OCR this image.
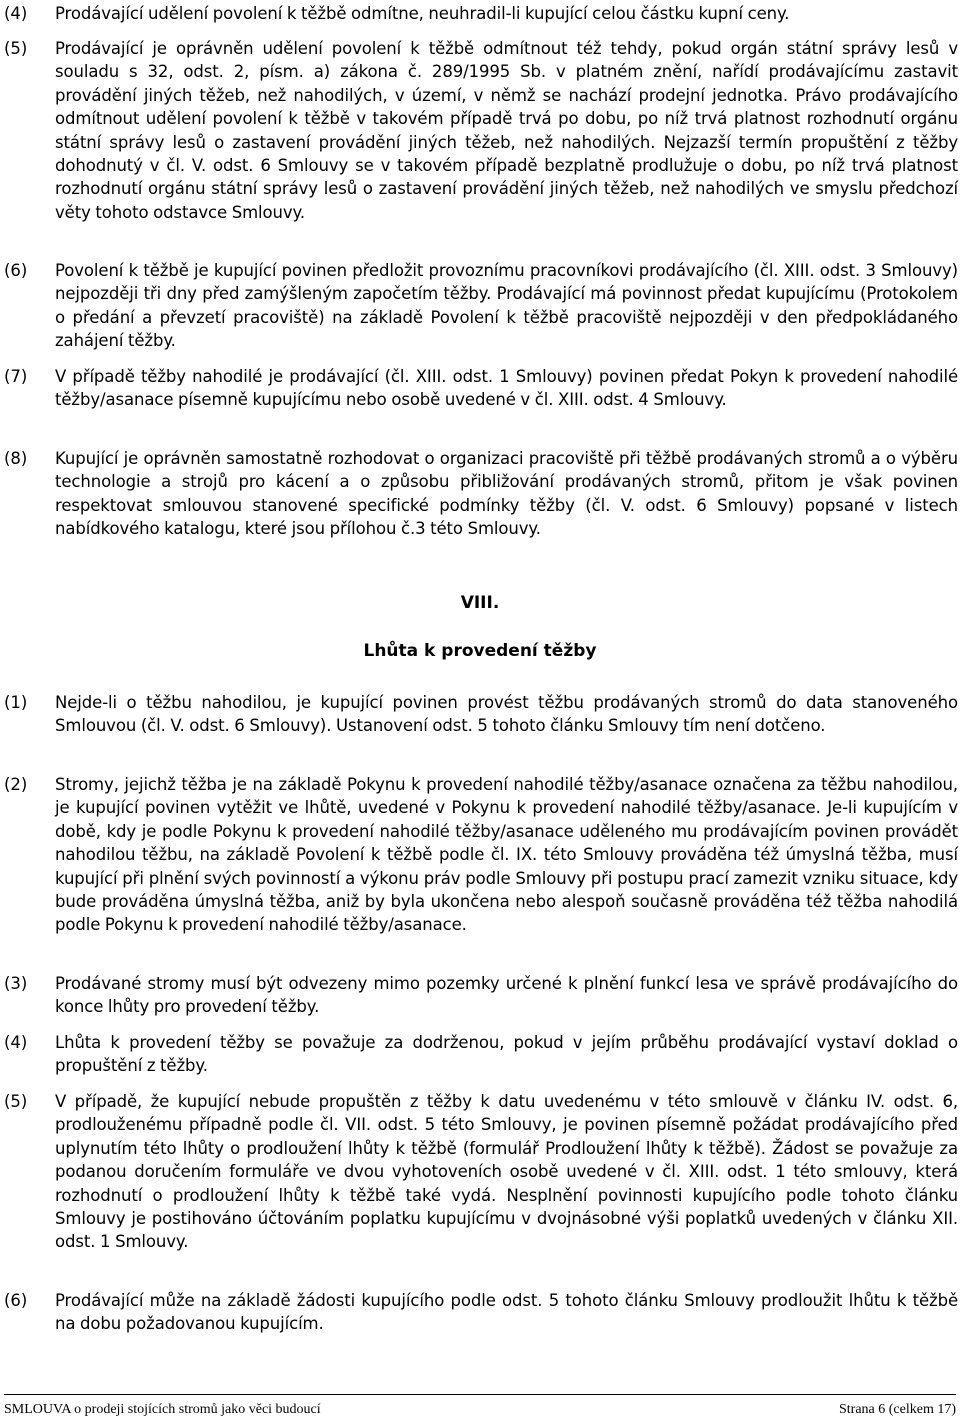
(4)	Prodávající udělení povolení k těžbě odmítne, neuhradil-li kupující celou částku kupní ceny.
(5)	Prodávající je oprávněn udělení povolení k těžbě odmítnout též tehdy, pokud orgán státní správy lesů v souladu s 32, odst. 2, písm. a) zákona č. 289/1995 Sb. v platném znění, nařídí prodávajícímu zastavit provádění jiných těžeb, než nahodilých, v území, v němž se nachází prodejní jednotka. Právo prodávajícího odmítnout udělení povolení k těžbě v takovém případě trvá po dobu, po níž trvá platnost rozhodnutí orgánu státní správy lesů o zastavení provádění jiných těžeb, než nahodilých. Nejzazší termín propuštění z těžby dohodnutý v čl. V. odst. 6 Smlouvy se v takovém případě bezplatně prodlužuje o dobu, po níž trvá platnost rozhodnutí orgánu státní správy lesů o zastavení provádění jiných těžeb, než nahodilých ve smyslu předchozí věty tohoto odstavce Smlouvy.
(6)	Povolení k těžbě je kupující povinen předložit provoznímu pracovníkovi prodávajícího (čl. XIII. odst. 3 Smlouvy) nejpozději tři dny před zamýšleným započetím těžby. Prodávající má povinnost předat kupujícímu (Protokolem o předání a převzetí pracoviště) na základě Povolení k těžbě pracoviště nejpozději v den předpokládaného zahájení těžby.
(7)	V případě těžby nahodilé je prodávající (čl. XIII. odst. 1 Smlouvy) povinen předat Pokyn k provedení nahodilé těžby/asanace písemně kupujícímu nebo osobě uvedené v čl. XIII. odst. 4 Smlouvy.
(8)	Kupující je oprávněn samostatně rozhodovat o organizaci pracoviště při těžbě prodávaných stromů a o výběru technologie a strojů pro kácení a o způsobu přibližování prodávaných stromů, přitom je však povinen respektovat smlouvou stanovené specifické podmínky těžby (čl. V. odst. 6 Smlouvy) popsané v listech nabídkového katalogu, které jsou přílohou č.3 této Smlouvy.
VIII.
Lhůta k provedení těžby
(1)	Nejde-li o těžbu nahodilou, je kupující povinen provést těžbu prodávaných stromů do data stanoveného Smlouvou (čl. V. odst. 6 Smlouvy). Ustanovení odst. 5 tohoto článku Smlouvy tím není dotčeno.
(2)	Stromy, jejichž těžba je na základě Pokynu k provedení nahodilé těžby/asanace označena za těžbu nahodilou, je kupující povinen vytěžit ve lhůtě, uvedené v Pokynu k provedení nahodilé těžby/asanace. Je-li kupujícím v době, kdy je podle Pokynu k provedení nahodilé těžby/asanace uděleného mu prodávajícím povinen provádět nahodilou těžbu, na základě Povolení k těžbě podle čl. IX. této Smlouvy prováděna též úmyslná těžba, musí kupující při plnění svých povinností a výkonu práv podle Smlouvy při postupu prací zamezit vzniku situace, kdy bude prováděna úmyslná těžba, aniž by byla ukončena nebo alespoň současně prováděna též těžba nahodilá podle Pokynu k provedení nahodilé těžby/asanace.
(3)	Prodávané stromy musí být odvezeny mimo pozemky určené k plnění funkcí lesa ve správě prodávajícího do konce lhůty pro provedení těžby.
(4)	Lhůta k provedení těžby se považuje za dodrženou, pokud v jejím průběhu prodávající vystaví doklad o propuštění z těžby.
(5)	V případě, že kupující nebude propuštěn z těžby k datu uvedenému v této smlouvě v článku IV. odst. 6, prodlouženému případně podle čl. VII. odst. 5 této Smlouvy, je povinen písemně požádat prodávajícího před uplynutím této lhůty o prodloužení lhůty k těžbě (formulář Prodloužení lhůty k těžbě). Žádost se považuje za podanou doručením formuláře ve dvou vyhotoveních osobě uvedené v čl. XIII. odst. 1 této smlouvy, která rozhodnutí o prodloužení lhůty k těžbě také vydá. Nesplnění povinnosti kupujícího podle tohoto článku Smlouvy je postihováno účtováním poplatku kupujícímu v dvojnásobné výši poplatků uvedených v článku XII. odst. 1 Smlouvy.
(6)	Prodávající může na základě žádosti kupujícího podle odst. 5 tohoto článku Smlouvy prodloužit lhůtu k těžbě na dobu požadovanou kupujícím.
SMLOUVA o prodeji stojících stromů jako věci budoucí	Strana 6 (celkem 17)
